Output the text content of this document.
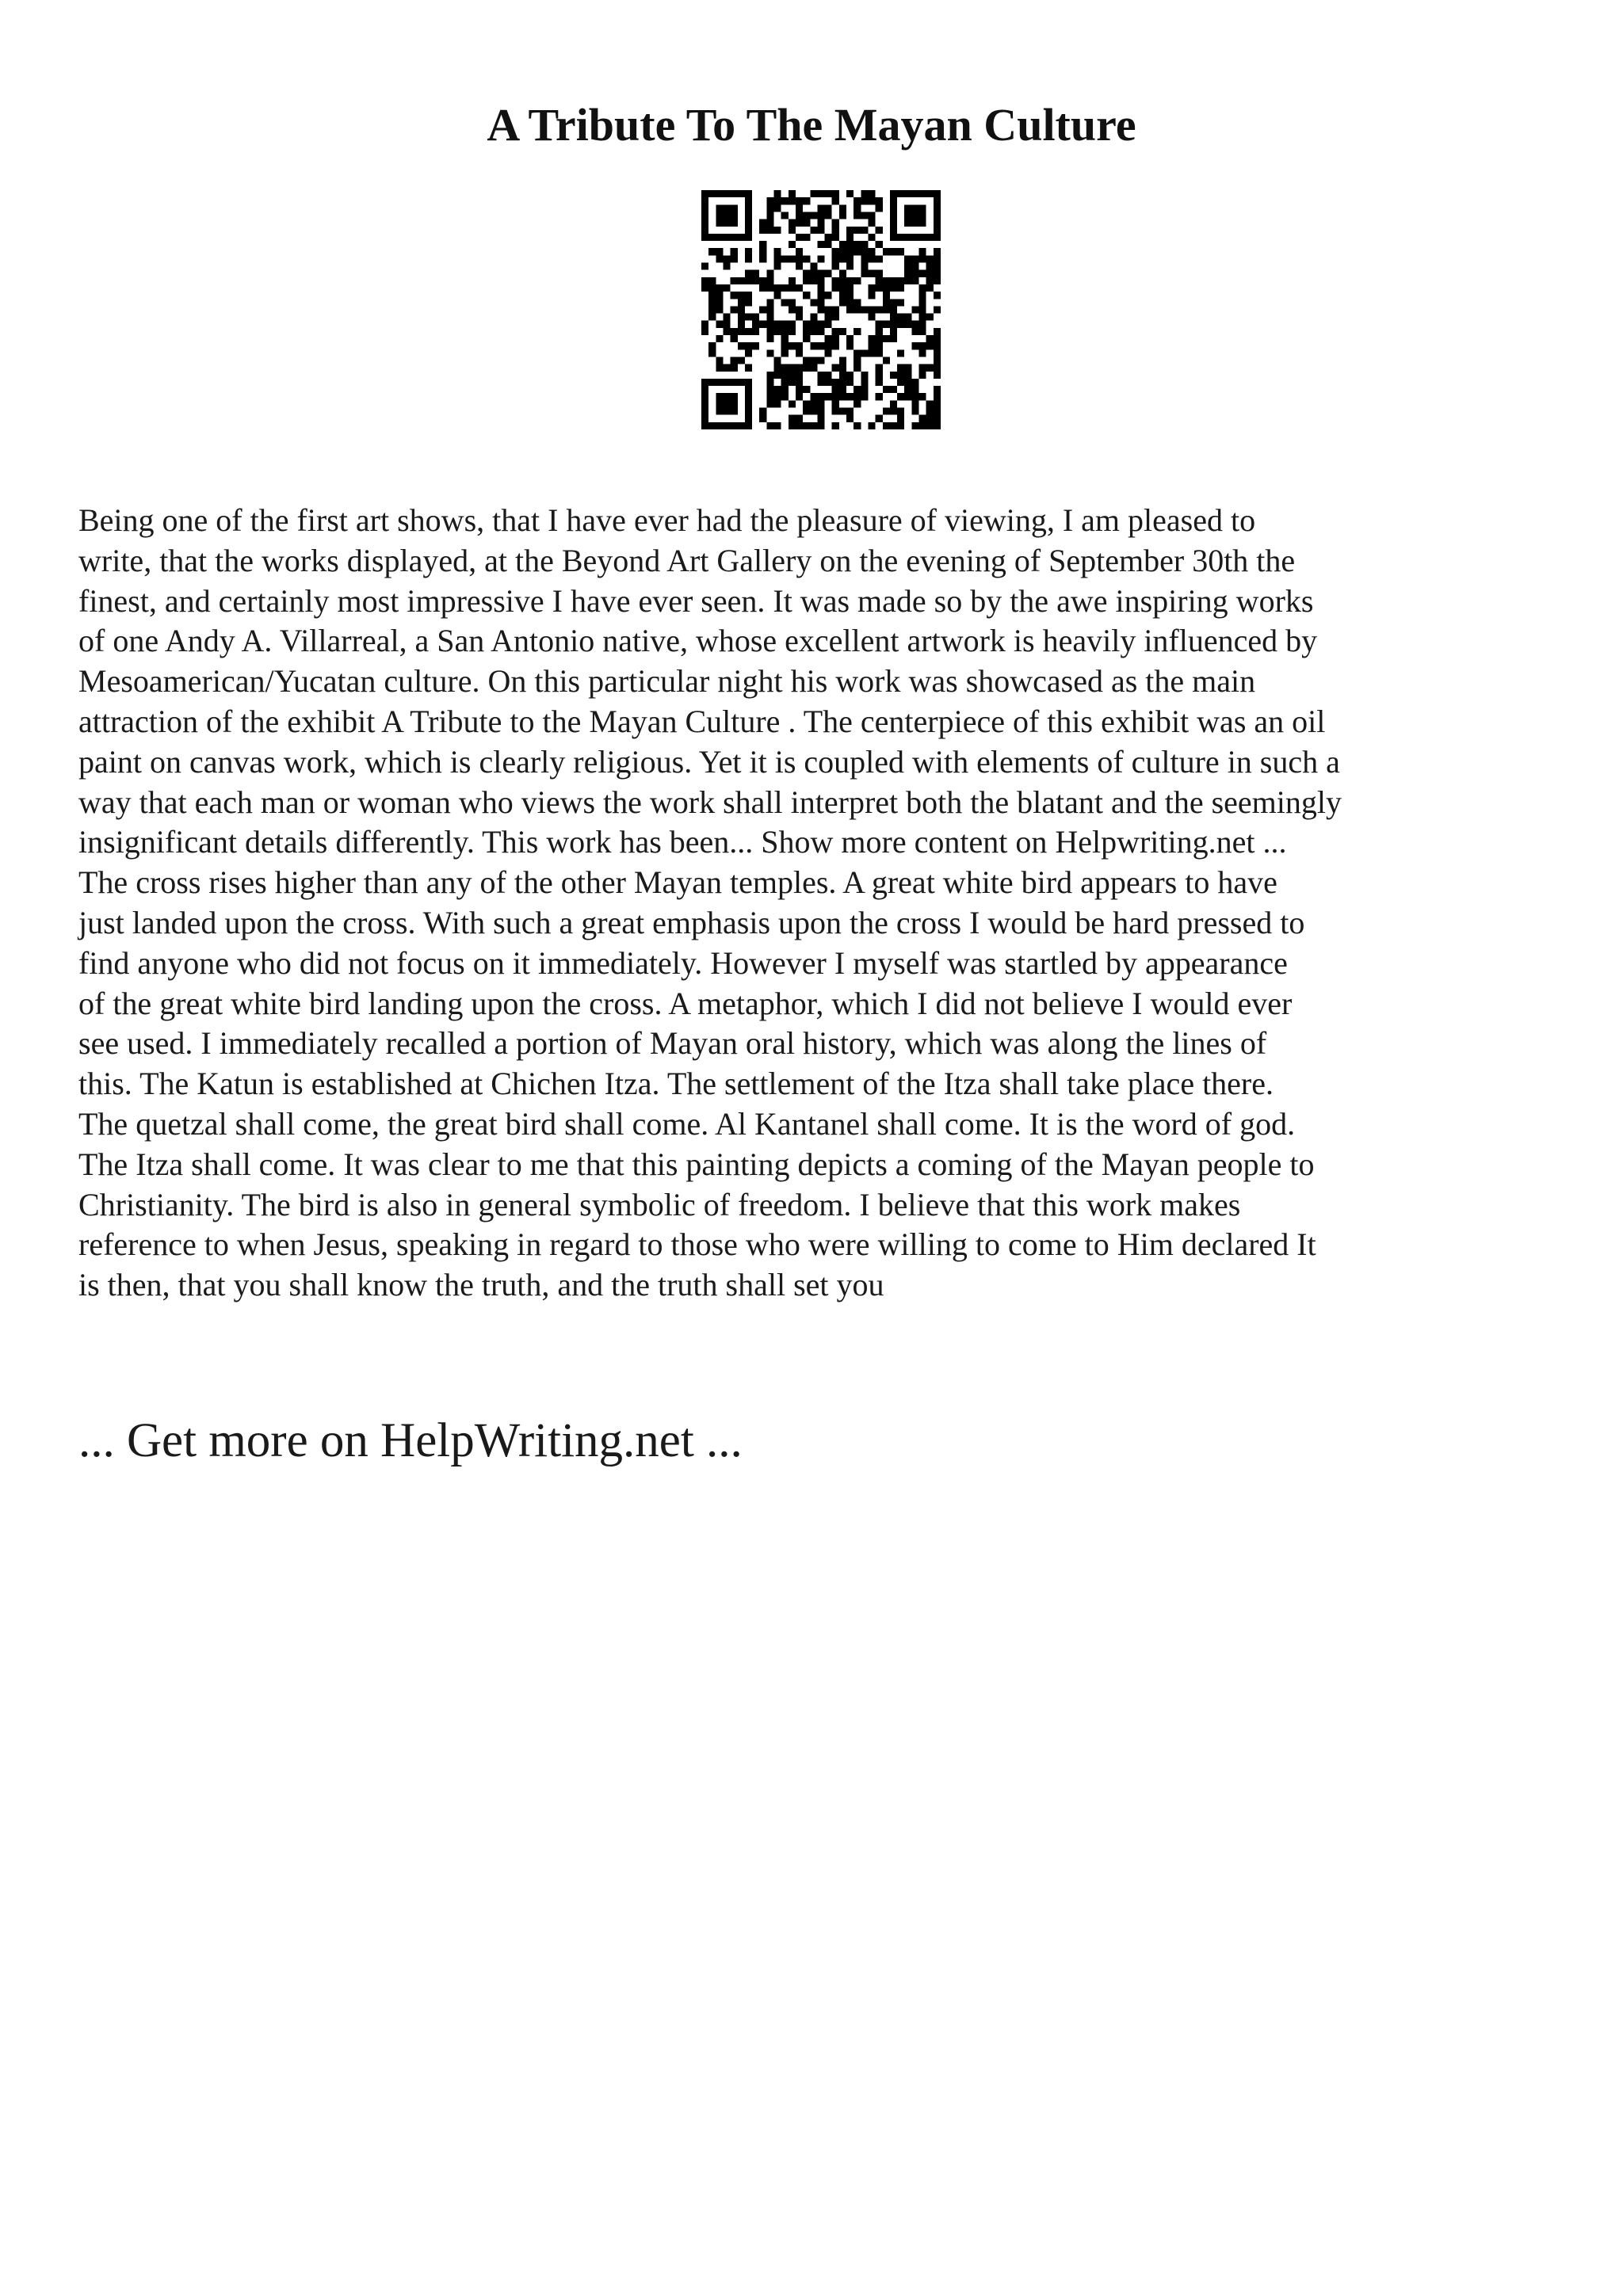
A Tribute To The Mayan Culture
Being one of the first art shows, that I have ever had the pleasure of viewing, I am pleased to
write, that the works displayed, at the Beyond Art Gallery on the evening of September 30th the
finest, and certainly most impressive I have ever seen. It was made so by the awe inspiring works
of one Andy A. Villarreal, a San Antonio native, whose excellent artwork is heavily influenced by
Mesoamerican/Yucatan culture. On this particular night his work was showcased as the main
attraction of the exhibit A Tribute to the Mayan Culture . The centerpiece of this exhibit was an oil
paint on canvas work, which is clearly religious. Yet it is coupled with elements of culture in such a
way that each man or woman who views the work shall interpret both the blatant and the seemingly
insignificant details differently. This work has been... Show more content on Helpwriting.net ...
The cross rises higher than any of the other Mayan temples. A great white bird appears to have
just landed upon the cross. With such a great emphasis upon the cross I would be hard pressed to
find anyone who did not focus on it immediately. However I myself was startled by appearance
of the great white bird landing upon the cross. A metaphor, which I did not believe I would ever
see used. I immediately recalled a portion of Mayan oral history, which was along the lines of
this. The Katun is established at Chichen Itza. The settlement of the Itza shall take place there.
The quetzal shall come, the great bird shall come. Al Kantanel shall come. It is the word of god.
The Itza shall come. It was clear to me that this painting depicts a coming of the Mayan people to
Christianity. The bird is also in general symbolic of freedom. I believe that this work makes
reference to when Jesus, speaking in regard to those who were willing to come to Him declared It
is then, that you shall know the truth, and the truth shall set you

... Get more on HelpWriting.net ...
